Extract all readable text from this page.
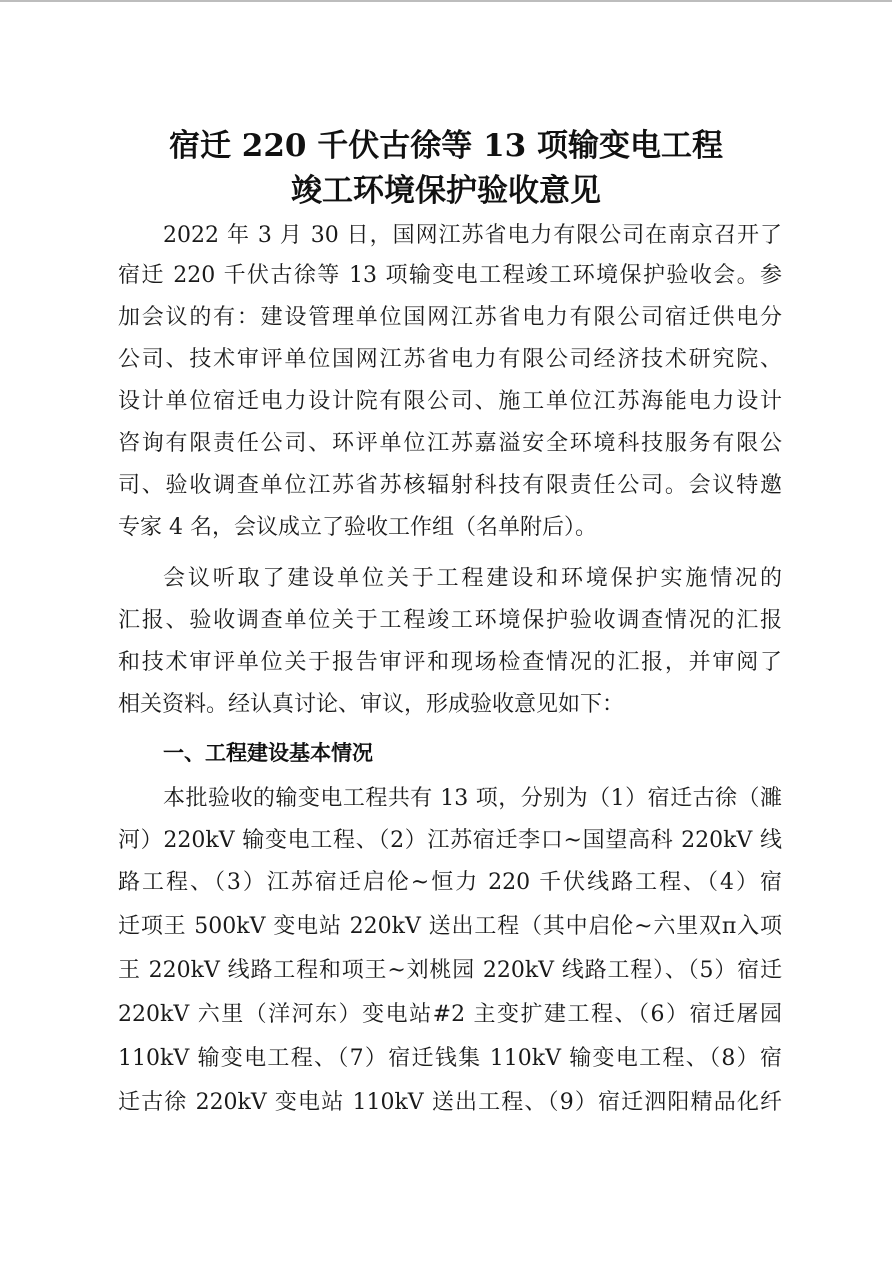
宿迁 220 千伏古徐等 13 项输变电工程
竣工环境保护验收意见
2022 年 3 月 30 日，国网江苏省电力有限公司在南京召开了
宿迁 220 千伏古徐等 13 项输变电工程竣工环境保护验收会。参
加会议的有：建设管理单位国网江苏省电力有限公司宿迁供电分
公司、技术审评单位国网江苏省电力有限公司经济技术研究院、
设计单位宿迁电力设计院有限公司、施工单位江苏海能电力设计
咨询有限责任公司、环评单位江苏嘉溢安全环境科技服务有限公
司、验收调查单位江苏省苏核辐射科技有限责任公司。会议特邀
专家 4 名，会议成立了验收工作组（名单附后）。
会议听取了建设单位关于工程建设和环境保护实施情况的
汇报、验收调查单位关于工程竣工环境保护验收调查情况的汇报
和技术审评单位关于报告审评和现场检查情况的汇报，并审阅了
相关资料。经认真讨论、审议，形成验收意见如下：
一、工程建设基本情况
本批验收的输变电工程共有 13 项，分别为（1）宿迁古徐（濉
河）220kV 输变电工程、（2）江苏宿迁李口~国望高科 220kV 线
路工程、（3）江苏宿迁启伦~恒力 220 千伏线路工程、（4）宿
迁项王 500kV 变电站 220kV 送出工程（其中启伦~六里双π入项
王 220kV 线路工程和项王~刘桃园 220kV 线路工程）、（5）宿迁
220kV 六里（洋河东）变电站#2 主变扩建工程、（6）宿迁屠园
110kV 输变电工程、（7）宿迁钱集 110kV 输变电工程、（8）宿
迁古徐 220kV 变电站 110kV 送出工程、（9）宿迁泗阳精品化纤
